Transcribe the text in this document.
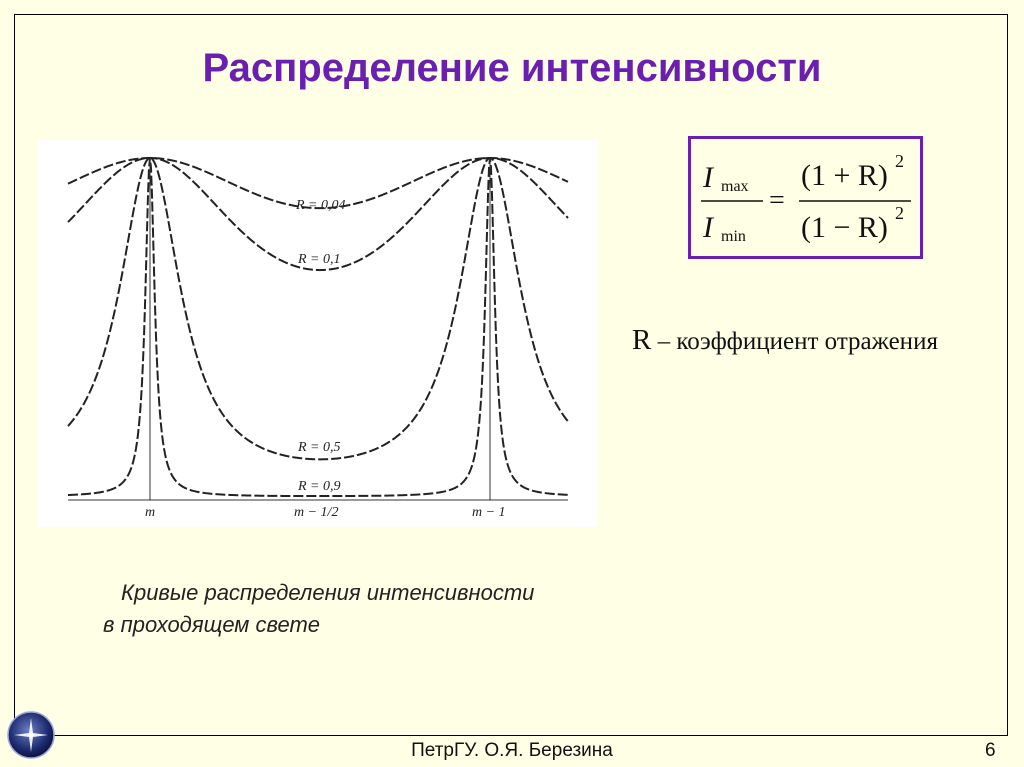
Распределение интенсивности
R = 0,04
R = 0,1
R = 0,5
R = 0,9
m	m − 1/2	m − 1
I max
I min
=
(1 + R) 2
(1 − R) 2
R – коэффициент отражения
Кривые распределения интенсивности
в проходящем свете
ПетрГУ. О.Я. Березина	6
